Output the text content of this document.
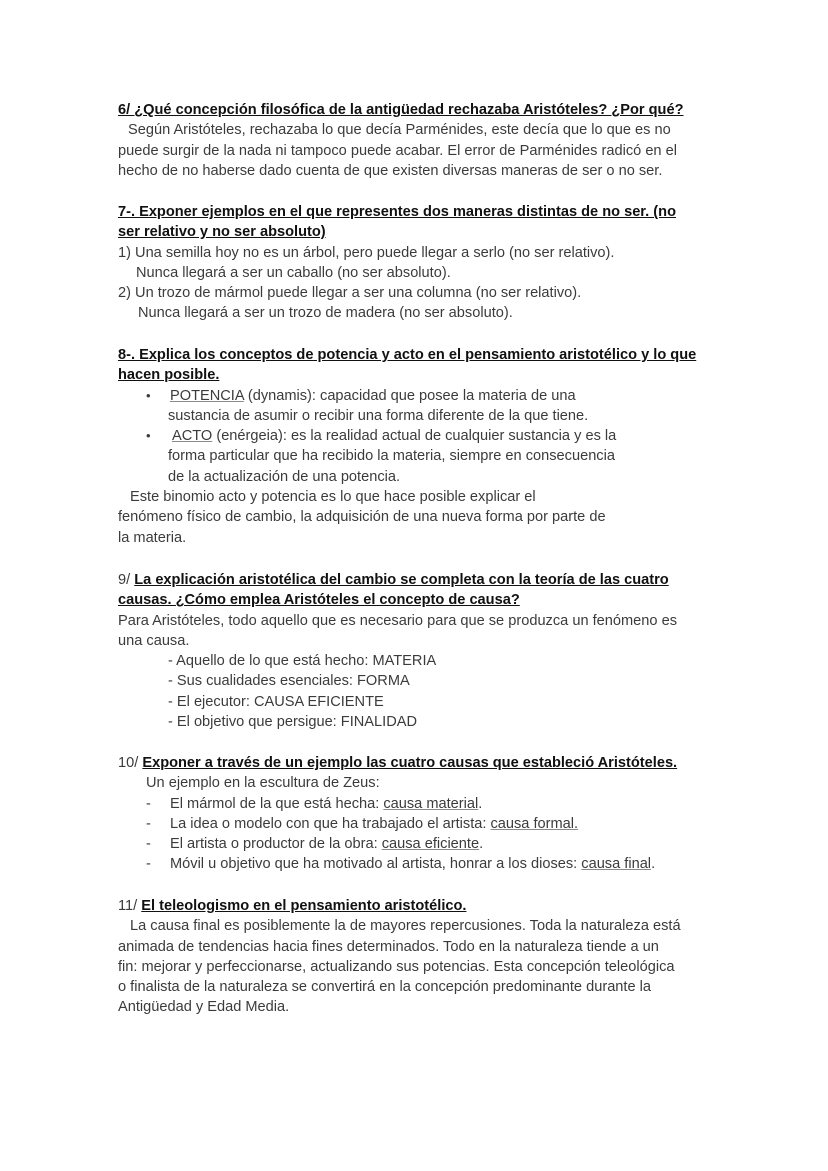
6/ ¿Qué concepción filosófica de la antigüedad rechazaba Aristóteles? ¿Por qué?
Según Aristóteles, rechazaba lo que decía Parménides, este decía que lo que es no
puede surgir de la nada ni tampoco puede acabar. El error de Parménides radicó en el
hecho de no haberse dado cuenta de que existen diversas maneras de ser o no ser.
7-. Exponer ejemplos en el que representes dos maneras distintas de no ser. (no
ser relativo y no ser absoluto)
1) Una semilla hoy no es un árbol, pero puede llegar a serlo (no ser relativo).
Nunca llegará a ser un caballo (no ser absoluto).
2) Un trozo de mármol puede llegar a ser una columna (no ser relativo).
Nunca llegará a ser un trozo de madera (no ser absoluto).
8-. Explica los conceptos de potencia y acto en el pensamiento aristotélico y lo que
hacen posible.
• POTENCIA (dynamis): capacidad que posee la materia de una
sustancia de asumir o recibir una forma diferente de la que tiene.
• ACTO (enérgeia): es la realidad actual de cualquier sustancia y es la
forma particular que ha recibido la materia, siempre en consecuencia
de la actualización de una potencia.
Este binomio acto y potencia es lo que hace posible explicar el
fenómeno físico de cambio, la adquisición de una nueva forma por parte de
la materia.
9/ La explicación aristotélica del cambio se completa con la teoría de las cuatro
causas. ¿Cómo emplea Aristóteles el concepto de causa?
Para Aristóteles, todo aquello que es necesario para que se produzca un fenómeno es
una causa.
- Aquello de lo que está hecho: MATERIA
- Sus cualidades esenciales: FORMA
- El ejecutor: CAUSA EFICIENTE
- El objetivo que persigue: FINALIDAD
10/ Exponer a través de un ejemplo las cuatro causas que estableció Aristóteles.
Un ejemplo en la escultura de Zeus:
- El mármol de la que está hecha: causa material.
- La idea o modelo con que ha trabajado el artista: causa formal.
- El artista o productor de la obra: causa eficiente.
- Móvil u objetivo que ha motivado al artista, honrar a los dioses: causa final.
11/ El teleologismo en el pensamiento aristotélico.
La causa final es posiblemente la de mayores repercusiones. Toda la naturaleza está
animada de tendencias hacia fines determinados. Todo en la naturaleza tiende a un
fin: mejorar y perfeccionarse, actualizando sus potencias. Esta concepción teleológica
o finalista de la naturaleza se convertirá en la concepción predominante durante la
Antigüedad y Edad Media.
